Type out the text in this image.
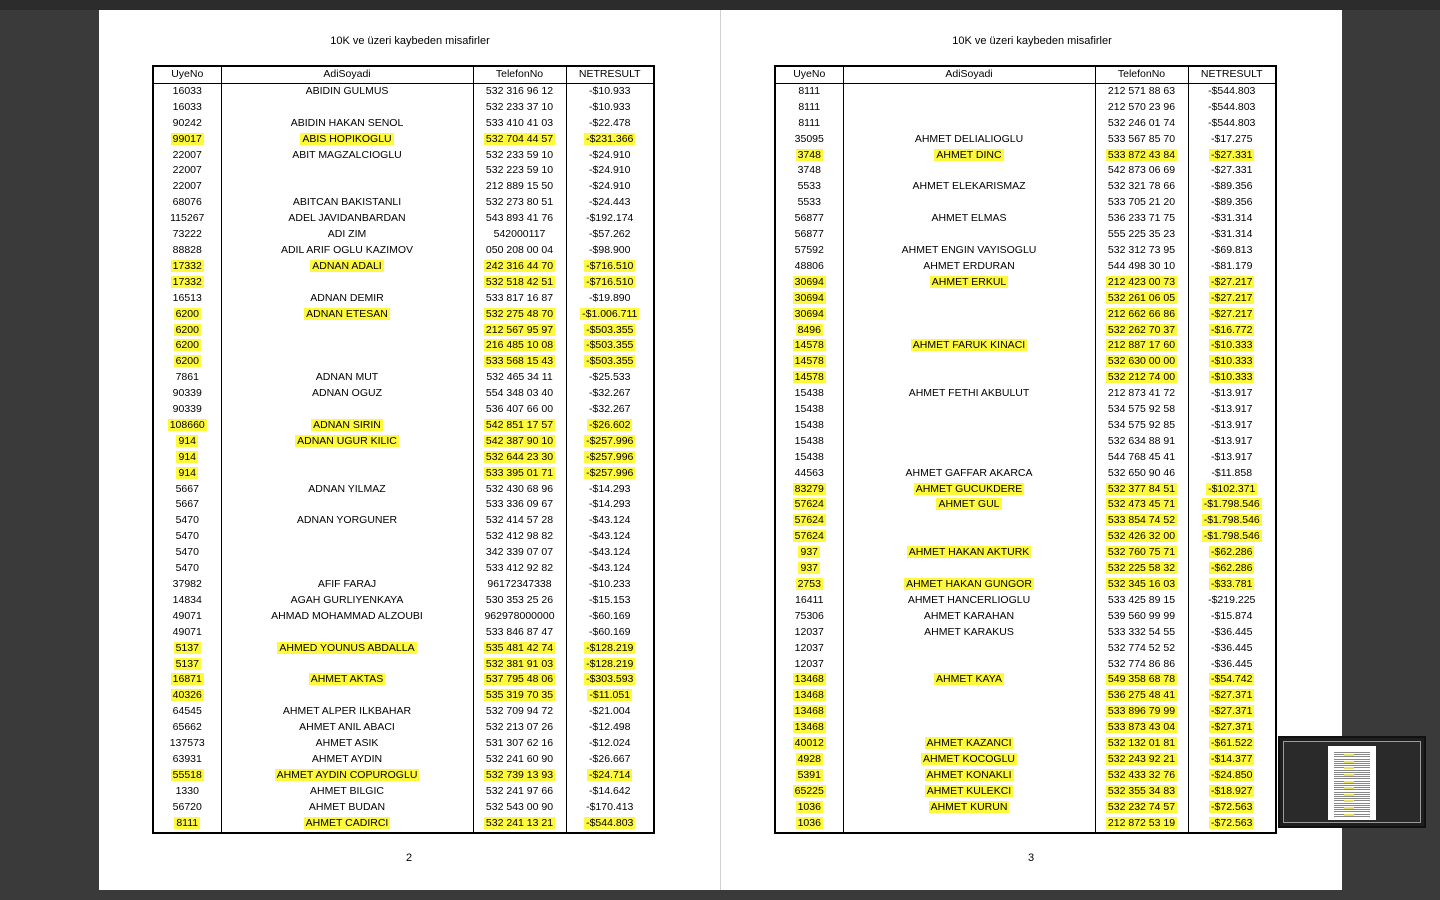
10K ve üzeri kaybeden misafirler
UyeNo	AdiSoyadi	TelefonNo	NETRESULT
16033	ABIDIN GULMUS	532 316 96 12	-$10.933
16033		532 233 37 10	-$10.933
90242	ABIDIN HAKAN SENOL	533 410 41 03	-$22.478
99017	ABIS HOPIKOGLU	532 704 44 57	-$231.366
22007	ABIT MAGZALCIOGLU	532 233 59 10	-$24.910
22007		532 223 59 10	-$24.910
22007		212 889 15 50	-$24.910
68076	ABITCAN BAKISTANLI	532 273 80 51	-$24.443
115267	ADEL JAVIDANBARDAN	543 893 41 76	-$192.174
73222	ADI ZIM	542000117	-$57.262
88828	ADIL ARIF OGLU KAZIMOV	050 208 00 04	-$98.900
17332	ADNAN ADALI	242 316 44 70	-$716.510
17332		532 518 42 51	-$716.510
16513	ADNAN DEMIR	533 817 16 87	-$19.890
6200	ADNAN ETESAN	532 275 48 70	-$1.006.711
6200		212 567 95 97	-$503.355
6200		216 485 10 08	-$503.355
6200		533 568 15 43	-$503.355
7861	ADNAN MUT	532 465 34 11	-$25.533
90339	ADNAN OGUZ	554 348 03 40	-$32.267
90339		536 407 66 00	-$32.267
108660	ADNAN SIRIN	542 851 17 57	-$26.602
914	ADNAN UGUR KILIC	542 387 90 10	-$257.996
914		532 644 23 30	-$257.996
914		533 395 01 71	-$257.996
5667	ADNAN YILMAZ	532 430 68 96	-$14.293
5667		533 336 09 67	-$14.293
5470	ADNAN YORGUNER	532 414 57 28	-$43.124
5470		532 412 98 82	-$43.124
5470		342 339 07 07	-$43.124
5470		533 412 92 82	-$43.124
37982	AFIF FARAJ	96172347338	-$10.233
14834	AGAH GURLIYENKAYA	530 353 25 26	-$15.153
49071	AHMAD MOHAMMAD ALZOUBI	962978000000	-$60.169
49071		533 846 87 47	-$60.169
5137	AHMED YOUNUS ABDALLA	535 481 42 74	-$128.219
5137		532 381 91 03	-$128.219
16871	AHMET AKTAS	537 795 48 06	-$303.593
40326		535 319 70 35	-$11.051
64545	AHMET ALPER ILKBAHAR	532 709 94 72	-$21.004
65662	AHMET ANIL ABACI	532 213 07 26	-$12.498
137573	AHMET ASIK	531 307 62 16	-$12.024
63931	AHMET AYDIN	532 241 60 90	-$26.667
55518	AHMET AYDIN COPUROGLU	532 739 13 93	-$24.714
1330	AHMET BILGIC	532 241 97 66	-$14.642
56720	AHMET BUDAN	532 543 00 90	-$170.413
8111	AHMET CADIRCI	532 241 13 21	-$544.803
2
10K ve üzeri kaybeden misafirler
UyeNo	AdiSoyadi	TelefonNo	NETRESULT
8111		212 571 88 63	-$544.803
8111		212 570 23 96	-$544.803
8111		532 246 01 74	-$544.803
35095	AHMET DELIALIOGLU	533 567 85 70	-$17.275
3748	AHMET DINC	533 872 43 84	-$27.331
3748		542 873 06 69	-$27.331
5533	AHMET ELEKARISMAZ	532 321 78 66	-$89.356
5533		533 705 21 20	-$89.356
56877	AHMET ELMAS	536 233 71 75	-$31.314
56877		555 225 35 23	-$31.314
57592	AHMET ENGIN VAYISOGLU	532 312 73 95	-$69.813
48806	AHMET ERDURAN	544 498 30 10	-$81.179
30694	AHMET ERKUL	212 423 00 73	-$27.217
30694		532 261 06 05	-$27.217
30694		212 662 66 86	-$27.217
8496		532 262 70 37	-$16.772
14578	AHMET FARUK KINACI	212 887 17 60	-$10.333
14578		532 630 00 00	-$10.333
14578		532 212 74 00	-$10.333
15438	AHMET FETHI AKBULUT	212 873 41 72	-$13.917
15438		534 575 92 58	-$13.917
15438		534 575 92 85	-$13.917
15438		532 634 88 91	-$13.917
15438		544 768 45 41	-$13.917
44563	AHMET GAFFAR AKARCA	532 650 90 46	-$11.858
83279	AHMET GUCUKDERE	532 377 84 51	-$102.371
57624	AHMET GUL	532 473 45 71	-$1.798.546
57624		533 854 74 52	-$1.798.546
57624		532 426 32 00	-$1.798.546
937	AHMET HAKAN AKTURK	532 760 75 71	-$62.286
937		532 225 58 32	-$62.286
2753	AHMET HAKAN GUNGOR	532 345 16 03	-$33.781
16411	AHMET HANCERLIOGLU	533 425 89 15	-$219.225
75306	AHMET KARAHAN	539 560 99 99	-$15.874
12037	AHMET KARAKUS	533 332 54 55	-$36.445
12037		532 774 52 52	-$36.445
12037		532 774 86 86	-$36.445
13468	AHMET KAYA	549 358 68 78	-$54.742
13468		536 275 48 41	-$27.371
13468		533 896 79 99	-$27.371
13468		533 873 43 04	-$27.371
40012	AHMET KAZANCI	532 132 01 81	-$61.522
4928	AHMET KOCOGLU	532 243 92 21	-$14.377
5391	AHMET KONAKLI	532 433 32 76	-$24.850
65225	AHMET KULEKCI	532 355 34 83	-$18.927
1036	AHMET KURUN	532 232 74 57	-$72.563
1036		212 872 53 19	-$72.563
3
